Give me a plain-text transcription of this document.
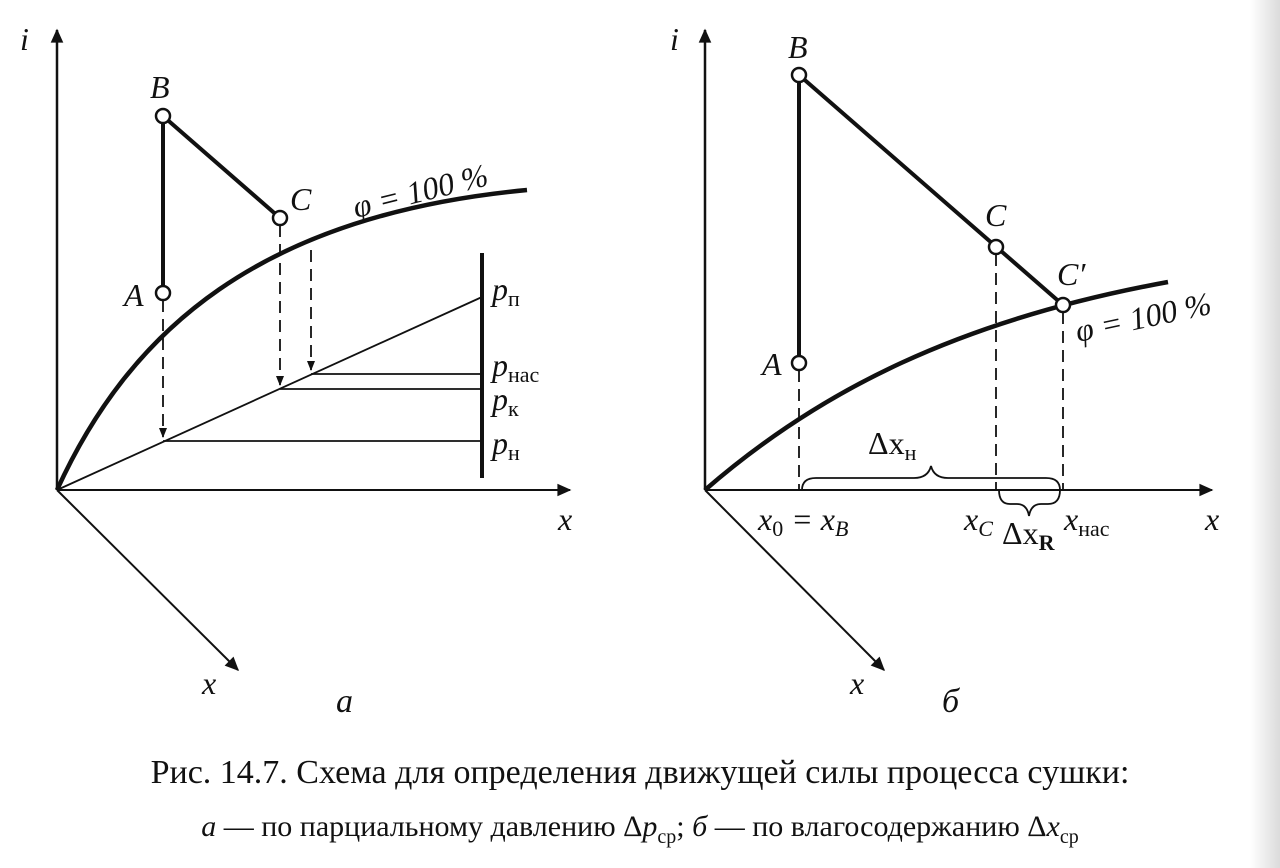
i
x
x
A
B
C φ = 100 %
pп
pнас
pк
pн
а
i
x
x
A
B
C
C′
φ = 100 %
Δxн
ΔxR
x0 = xB	xC xнас
б
Рис. 14.7. Схема для определения движущей силы процесса сушки:
а — по парциальному давлению $\Delta p_{ср}$; б — по влагосодержанию $\Delta x_{ср}$
